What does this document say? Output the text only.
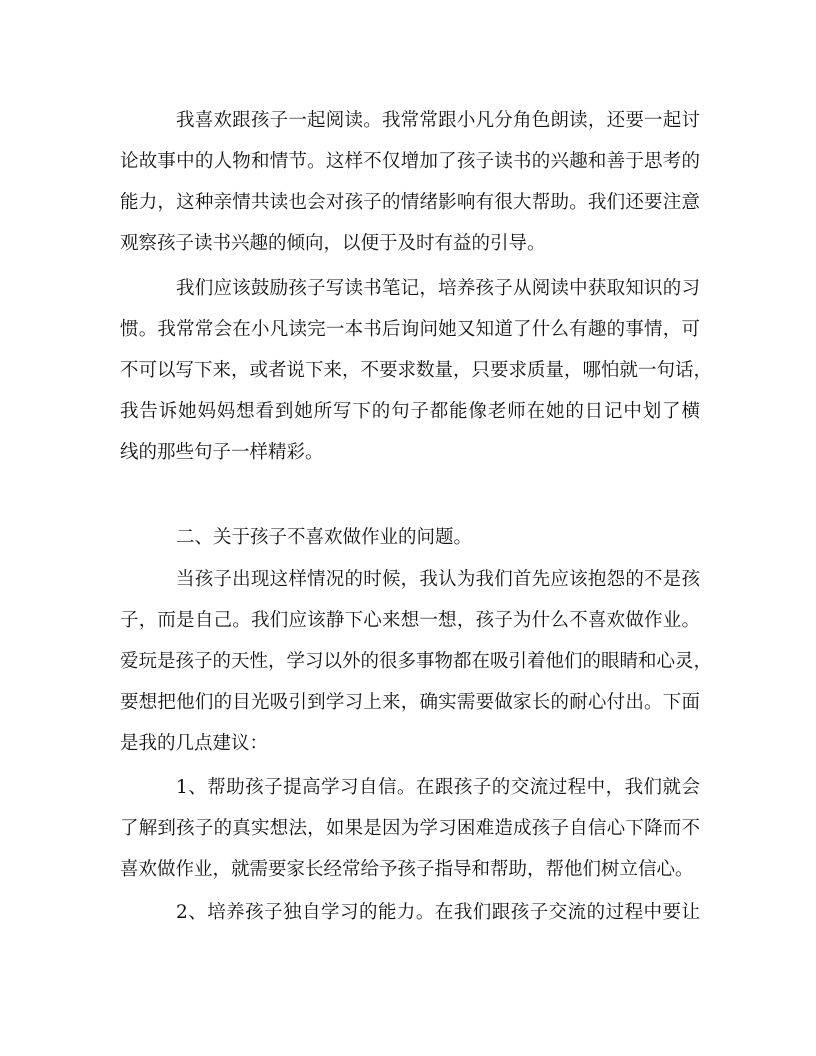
我喜欢跟孩子一起阅读。我常常跟小凡分角色朗读，还要一起讨
论故事中的人物和情节。这样不仅增加了孩子读书的兴趣和善于思考的
能力，这种亲情共读也会对孩子的情绪影响有很大帮助。我们还要注意
观察孩子读书兴趣的倾向，以便于及时有益的引导。
我们应该鼓励孩子写读书笔记，培养孩子从阅读中获取知识的习
惯。我常常会在小凡读完一本书后询问她又知道了什么有趣的事情，可
不可以写下来，或者说下来，不要求数量，只要求质量，哪怕就一句话，
我告诉她妈妈想看到她所写下的句子都能像老师在她的日记中划了横
线的那些句子一样精彩。
二、关于孩子不喜欢做作业的问题。
当孩子出现这样情况的时候，我认为我们首先应该抱怨的不是孩
子，而是自己。我们应该静下心来想一想，孩子为什么不喜欢做作业。
爱玩是孩子的天性，学习以外的很多事物都在吸引着他们的眼睛和心灵，
要想把他们的目光吸引到学习上来，确实需要做家长的耐心付出。下面
是我的几点建议：
1、帮助孩子提高学习自信。在跟孩子的交流过程中，我们就会
了解到孩子的真实想法，如果是因为学习困难造成孩子自信心下降而不
喜欢做作业，就需要家长经常给予孩子指导和帮助，帮他们树立信心。
2、培养孩子独自学习的能力。在我们跟孩子交流的过程中要让
